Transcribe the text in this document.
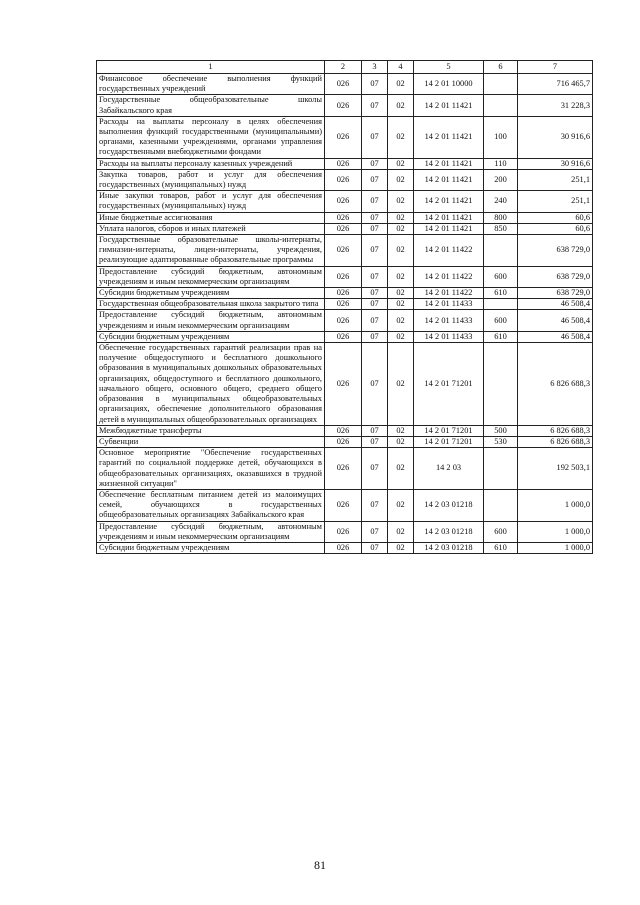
1	2	3	4	5	6	7
Финансовое обеспечение выполнения функций государственных учреждений	026	07	02	14 2 01 10000		716 465,7
Государственные общеобразовательные школы Забайкальского края	026	07	02	14 2 01 11421		31 228,3
Расходы на выплаты персоналу в целях обеспечения выполнения функций государственными (муниципальными) органами, казенными учреждениями, органами управления государственными внебюджетными фондами	026	07	02	14 2 01 11421	100	30 916,6
Расходы на выплаты персоналу казенных учреждений	026	07	02	14 2 01 11421	110	30 916,6
Закупка товаров, работ и услуг для обеспечения государственных (муниципальных) нужд	026	07	02	14 2 01 11421	200	251,1
Иные закупки товаров, работ и услуг для обеспечения государственных (муниципальных) нужд	026	07	02	14 2 01 11421	240	251,1
Иные бюджетные ассигнования	026	07	02	14 2 01 11421	800	60,6
Уплата налогов, сборов и иных платежей	026	07	02	14 2 01 11421	850	60,6
Государственные образовательные школы-интернаты, гимназии-интернаты, лицеи-интернаты, учреждения, реализующие адаптированные образовательные программы	026	07	02	14 2 01 11422		638 729,0
Предоставление субсидий бюджетным, автономным учреждениям и иным некоммерческим организациям	026	07	02	14 2 01 11422	600	638 729,0
Субсидии бюджетным учреждениям	026	07	02	14 2 01 11422	610	638 729,0
Государственная общеобразовательная школа закрытого типа	026	07	02	14 2 01 11433		46 508,4
Предоставление субсидий бюджетным, автономным учреждениям и иным некоммерческим организациям	026	07	02	14 2 01 11433	600	46 508,4
Субсидии бюджетным учреждениям	026	07	02	14 2 01 11433	610	46 508,4
Обеспечение государственных гарантий реализации прав на получение общедоступного и бесплатного дошкольного образования в муниципальных дошкольных образовательных организациях, общедоступного и бесплатного дошкольного, начального общего, основного общего, среднего общего образования в муниципальных общеобразовательных организациях, обеспечение дополнительного образования детей в муниципальных общеобразовательных организациях	026	07	02	14 2 01 71201		6 826 688,3
Межбюджетные трансферты	026	07	02	14 2 01 71201	500	6 826 688,3
Субвенции	026	07	02	14 2 01 71201	530	6 826 688,3
Основное мероприятие "Обеспечение государственных гарантий по социальной поддержке детей, обучающихся в общеобразовательных организациях, оказавшихся в трудной жизненной ситуации"	026	07	02	14 2 03		192 503,1
Обеспечение бесплатным питанием детей из малоимущих семей, обучающихся в государственных общеобразовательных организациях Забайкальского края	026	07	02	14 2 03 01218		1 000,0
Предоставление субсидий бюджетным, автономным учреждениям и иным некоммерческим организациям	026	07	02	14 2 03 01218	600	1 000,0
Субсидии бюджетным учреждениям	026	07	02	14 2 03 01218	610	1 000,0
81
